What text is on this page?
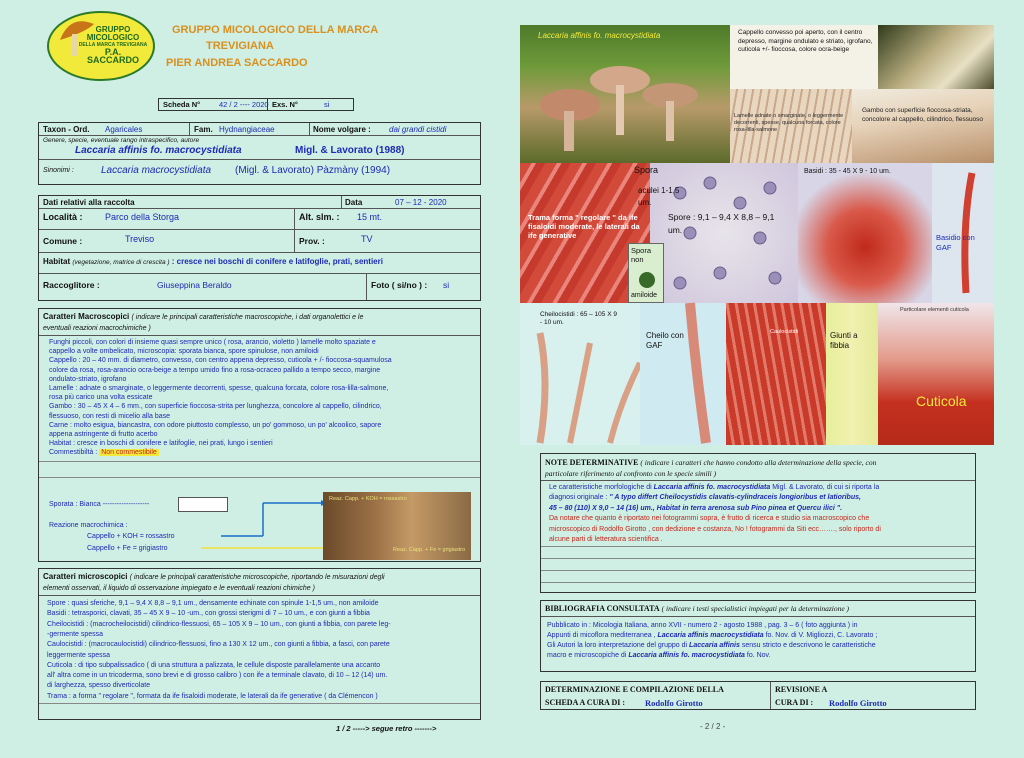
GRUPPO
MICOLOGICO
DELLA MARCA TREVIGIANA
P.A. SACCARDO
GRUPPO MICOLOGICO DELLA MARCA
TREVIGIANA
PIER ANDREA SACCARDO
Scheda N°	42 / 2 ---- 2020 Exs. N°	si
Taxon - Ord. Agaricales	Fam. Hydnangiaceae	Nome volgare : dai grandi cistidi
Genere, specie, eventuale rango intraspecifico, autore
Laccaria affinis fo. macrocystidiata	Migl. & Lavorato (1988)
Sinonimi :	Laccaria macrocystidiata (Migl. & Lavorato) Pàzmàny (1994)
Dati relativi alla raccolta	Data	07 – 12 - 2020
Località : Parco della Storga	Alt. slm. : 15 mt.
Comune :	Treviso	Prov. :	TV
Habitat (vegetazione, matrice di crescita ) : cresce nei boschi di conifere e latifoglie, prati, sentieri
Raccoglitore :	Giuseppina Beraldo	Foto ( si/no ) : si
Caratteri Macroscopici ( indicare le principali caratteristiche macroscopiche, i dati organolettici e le
eventuali reazioni macrochimiche )
Funghi piccoli, con colori di insieme quasi sempre unico ( rosa, arancio, violetto ) lamelle molto spaziate e
cappello a volte ombelicato, microscopia: sporata bianca, spore spinulose, non amiloidi
Cappello : 20 – 40 mm. di diametro, convesso, con centro appena depresso, cuticola + /- fioccosa-squamulosa
colore da rosa, rosa-arancio ocra-beige a tempo umido fino a rosa-ocraceo pallido a tempo secco, margine
ondulato-striato, igrofano
Lamelle : adnate o smarginate, o leggermente decorrenti, spesse, qualcuna forcata, colore rosa-lilla-salmone,
rosa più carico una volta essicate
Gambo : 30 – 45 X 4 – 6 mm., con superficie fioccosa-strita per lunghezza, concolore al cappello, cilindrico,
flessuoso, con resti di micelio alla base
Carne : molto esigua, biancastra, con odore piuttosto complesso, un po' gommoso, un po' alcoolico, sapore
appena astringente di frutto acerbo
Habitat : cresce in boschi di conifere e latifoglie, nei prati, lungo i sentieri
Commestibiltà : Non commestibile
Sporata : Bianca --------------------
Reazione macrochimica :
Cappello + KOH = rossastro
Cappello + Fe = grigiastro
Reaz. Capp. + KOH = rossastro
Reaz. Capp. + Fe = grigiastro
Caratteri microscopici ( indicare le principali caratteristiche microscopiche, riportando le misurazioni degli
elementi osservati, il liquido di osservazione impiegato e le eventuali reazioni chimiche )
Spore : quasi sferiche, 9,1 – 9,4 X 8,8 – 9,1 um., densamente echinate con spinule 1-1,5 um., non amiloide
Basidi : tetrasporici, clavati, 35 – 45 X 9 – 10 -um., con grossi sterigmi di 7 – 10 um., e con giunti a fibbia
Cheilocistidi : (macrocheilocistidi) cilindrico-flessuosi, 65 – 105 X 9 – 10 um., con giunti a fibbia, con parete leg-
-germente spessa
Caulocistidi : (macrocaulocistidi) cilindrico-flessuosi, fino a 130 X 12 um., con giunti a fibbia, a fasci, con parete
leggermente spessa
Cuticola : di tipo subpalissadico ( di una struttura a palizzata, le cellule disposte parallelamente una accanto
all' altra come in un tricoderma, sono brevi e di grosso calibro ) con ife a terminale clavato, di 10 – 12 (14) um.
di larghezza, spesso diverticolate
Trama : a forma " regolare ", formata da ife fisaloidi moderate, le laterali da ife generative ( da Clémencon )
1 / 2 -----> segue retro ------->
Laccaria affinis fo. macrocystidiata	Cappello convesso poi aperto, con il centro depresso, margine ondulato e striato, igrofano, cuticola +/- fioccosa, colore ocra-beige
Lamelle adnate o smarginate, o leggermente decorrenti, spesse, qualcuna forcata, colore rosa-lilla-salmone
Gambo con superficie fioccosa-striata, concolore al cappello, cilindrico, flessuoso
Trama forma " regolare " da ife fisaloidi moderate, le laterali da ife generative
Spora
aculei 1-1,5 um.
Spore : 9,1 – 9,4 X 8,8 – 9,1 um.
Spora non
amiloide
Basidi : 35 - 45 X 9 - 10 um.
Basidio con GAF
Cheilocistidi : 65 – 105 X 9 - 10 um.
Cheilo con GAF
Caulocistidi	Giunti a fibbia
Particolare elementi cuticola
Cuticola
NOTE DETERMINATIVE ( indicare i caratteri che hanno condotto alla determinazione della specie, con
particolare riferimento al confronto con le specie simili )
Le caratteristiche morfologiche di Laccaria affinis fo. macrocystidiata Migl. & Lavorato, di cui si riporta la
diagnosi originale : " A typo differt Cheilocystidis clavatis-cylindraceis longioribus et latioribus,
45 – 80 (110) X 9,0 – 14 (16) um., Habitat in terra arenosa sub Pino pinea et Quercu ilici ".
Da notare che quanto è riportato nei fotogrammi sopra, è frutto di ricerca e studio sia macroscopico che
microscopico di Rodolfo Girotto , con dedizione e costanza, No ! fotogrammi da Siti ecc……., solo riporto di
alcune parti di letteratura scientifica .
BIBLIOGRAFIA CONSULTATA ( indicare i testi specialistici impiegati per la determinazione )
Pubblicato in : Micologia Italiana, anno XVII - numero 2 - agosto 1988 , pag. 3 – 6 ( foto aggiunta ) in
Appunti di micoflora mediterranea , Laccaria affinis macrocystidiata fo. Nov. di V. Migliozzi, C. Lavorato ;
Gli Autori la loro interpretazione del gruppo di Laccaria affinis sensu stricto e descrivono le caratteristiche
macro e microscopiche di Laccaria affinis fo. macrocystidiata fo. Nov.
DETERMINAZIONE E COMPILAZIONE DELLA
SCHEDA A CURA DI : Rodolfo Girotto
REVISIONE A
CURA DI : Rodolfo Girotto
- 2 / 2 -
